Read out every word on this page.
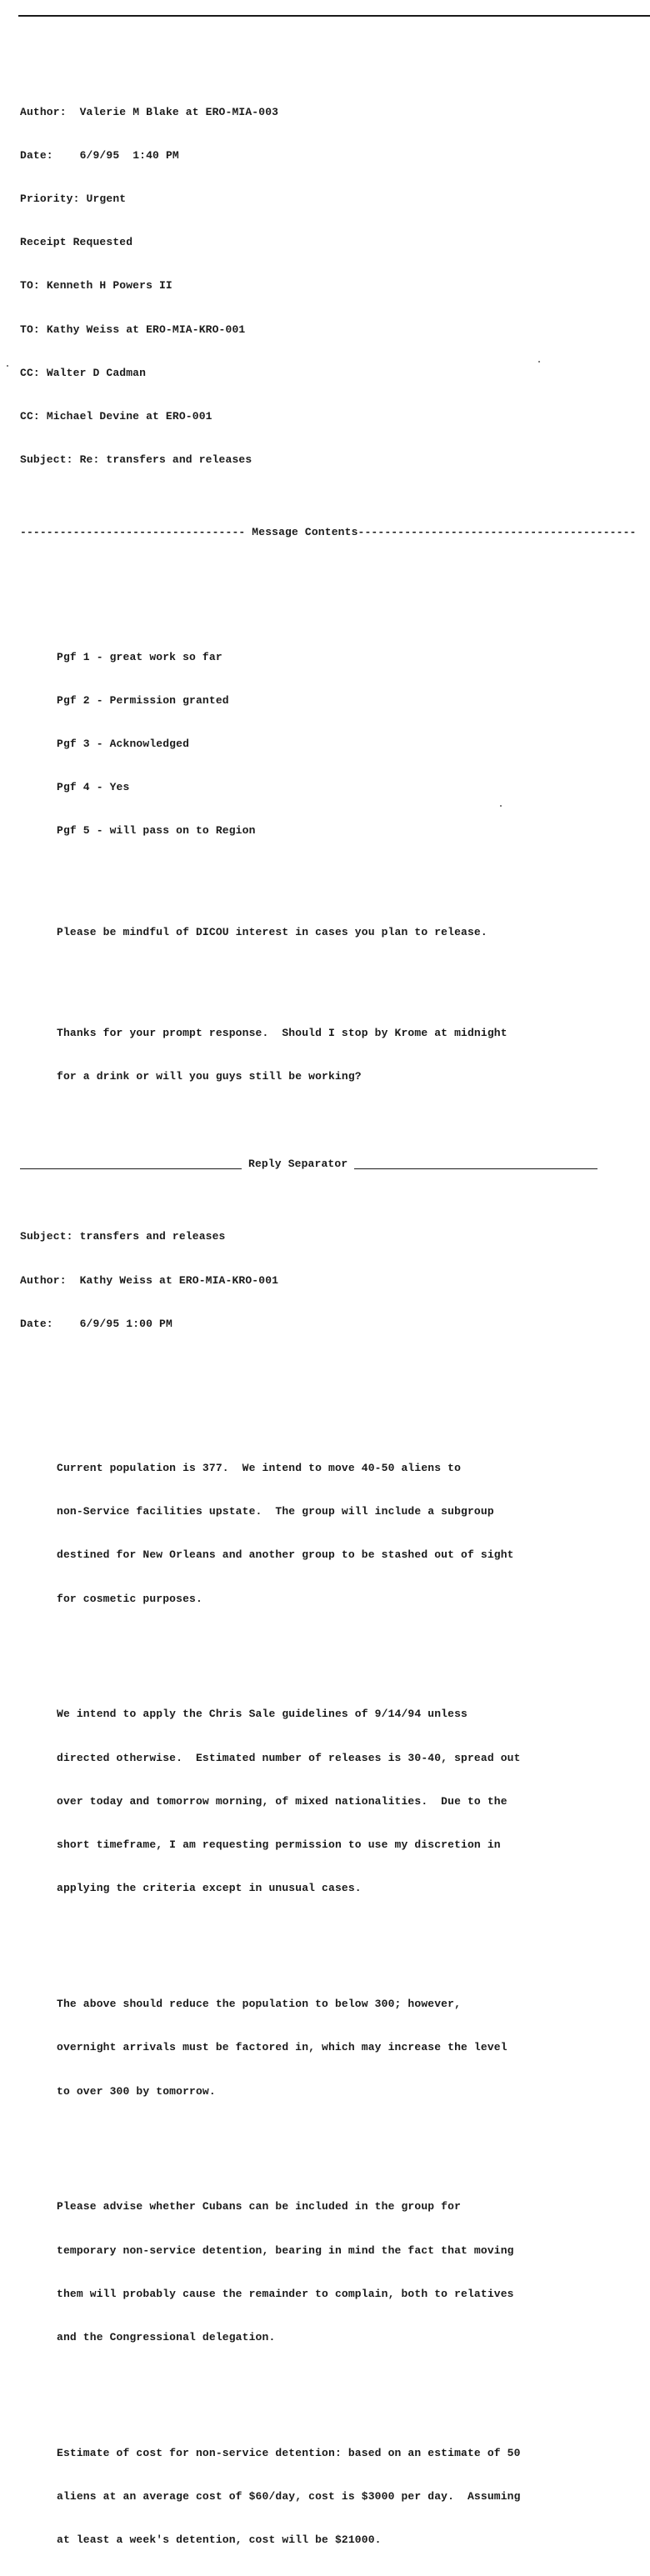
Author: Valerie M Blake at ERO-MIA-003

Date: 6/9/95  1:40 PM

Priority: Urgent

Receipt Requested

TO: Kenneth H Powers II

TO: Kathy Weiss at ERO-MIA-KRO-001

CC: Walter D Cadman

CC: Michael Devine at ERO-001

Subject: Re: transfers and releases

---------------------------------- Message Contents ------------------------------------------

Pgf 1 - great work so far

Pgf 2 - Permission granted

Pgf 3 - Acknowledged

Pgf 4 - Yes

Pgf 5 - will pass on to Region

Please be mindful of DICOU interest in cases you plan to release.

Thanks for your prompt response.  Should I stop by Krome at midnight

for a drink or will you guys still be working?

Reply Separator

Subject: transfers and releases

Author: Kathy Weiss at ERO-MIA-KRO-001

Date: 6/9/95 1:00 PM

Current population is 377.  We intend to move 40-50 aliens to

non-Service facilities upstate.  The group will include a subgroup

destined for New Orleans and another group to be stashed out of sight

for cosmetic purposes.

We intend to apply the Chris Sale guidelines of 9/14/94 unless

directed otherwise.  Estimated number of releases is 30-40, spread out

over today and tomorrow morning, of mixed nationalities.  Due to the

short timeframe, I am requesting permission to use my discretion in

applying the criteria except in unusual cases.

The above should reduce the population to below 300; however,

overnight arrivals must be factored in, which may increase the level

to over 300 by tomorrow.

Please advise whether Cubans can be included in the group for

temporary non-service detention, bearing in mind the fact that moving

them will probably cause the remainder to complain, both to relatives

and the Congressional delegation.

Estimate of cost for non-service detention: based on an estimate of 50

aliens at an average cost of $60/day, cost is $3000 per day.  Assuming

at least a week's detention, cost will be $21000.
